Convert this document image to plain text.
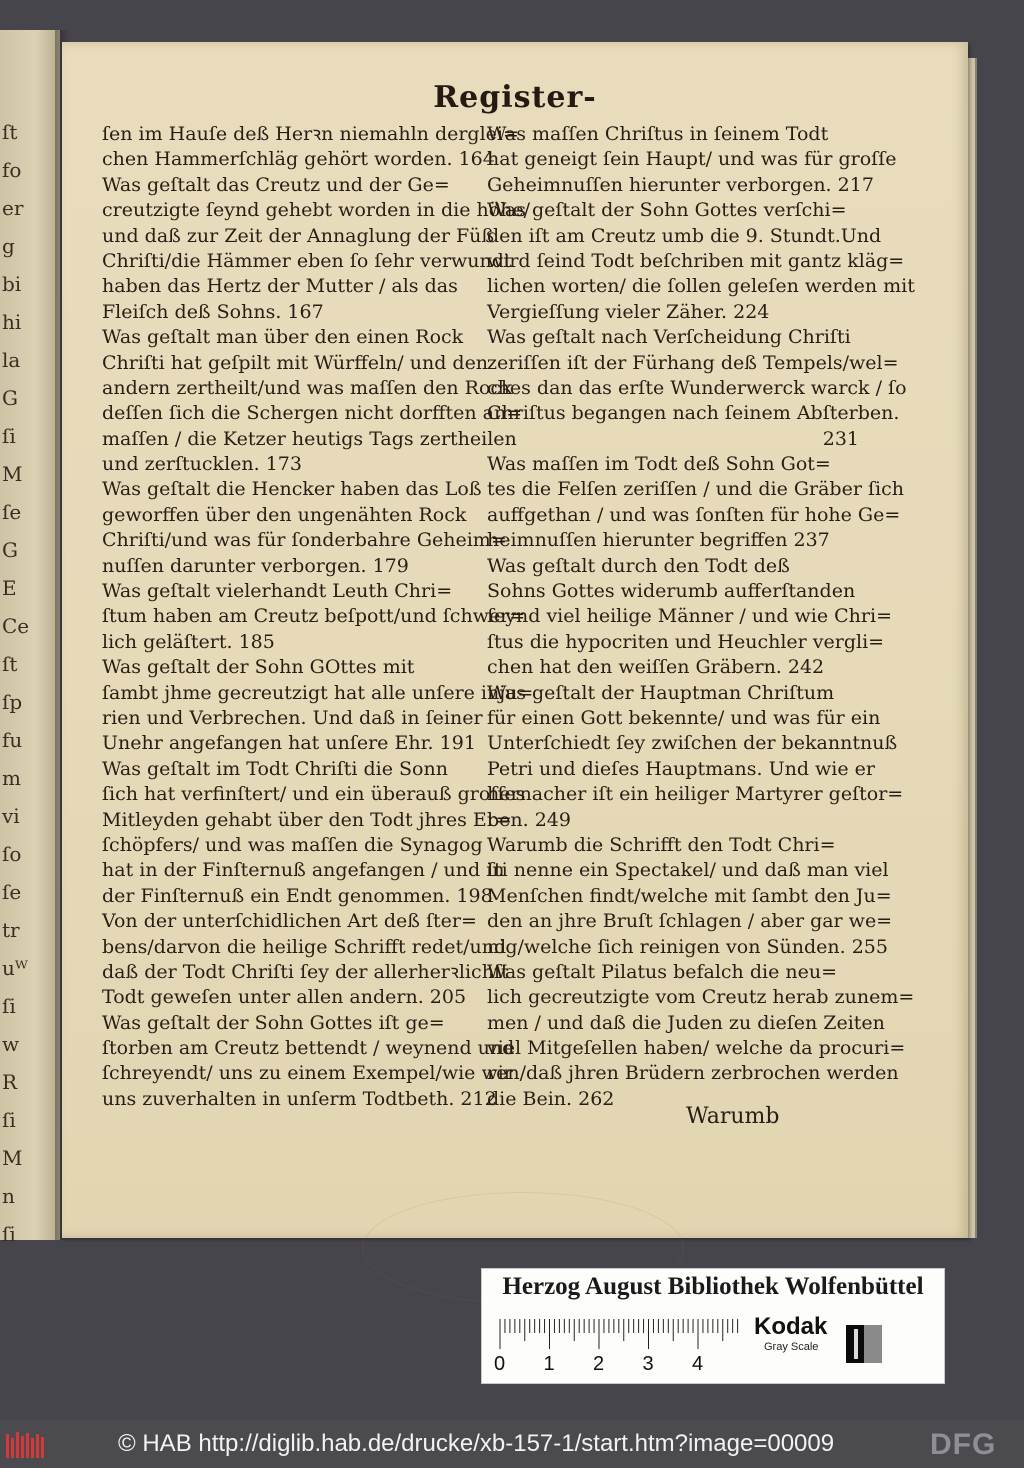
ſt
fo
er
g
bi
hi
la
G
ſi
M
ſe
G
E
Ce
ſt
ſp
fu
m
vi
ſo
ſe
tr
uᵂ
ſi
w
R
ſi
M
n
ſi
Register-
ſen im Hauſe deß Herꝛn niemahln derglei=
chen Hammerſchläg gehört worden. 164
Was geſtalt das Creutz und der Ge=
creutzigte ſeynd gehebt worden in die höhe/
und daß zur Zeit der Annaglung der Füß
Chriſti/die Hämmer eben ſo ſehr verwundt
haben das Hertz der Mutter / als das
Fleiſch deß Sohns. 167
Was geſtalt man über den einen Rock
Chriſti hat geſpilt mit Würffeln/ und den
andern zertheilt/und was maſſen den Rock
deſſen ſich die Schergen nicht dorfften an=
maſſen / die Ketzer heutigs Tags zertheilen
und zerſtucklen. 173
Was geſtalt die Hencker haben das Loß
geworffen über den ungenähten Rock
Chriſti/und was für ſonderbahre Geheim=
nuſſen darunter verborgen. 179
Was geſtalt vielerhandt Leuth Chri=
ſtum haben am Creutz beſpott/und ſchwer=
lich geläſtert. 185
Was geſtalt der Sohn GOttes mit
ſambt jhme gecreutzigt hat alle unſere inju=
rien und Verbrechen. Und daß in ſeiner
Unehr angefangen hat unſere Ehr. 191
Was geſtalt im Todt Chriſti die Sonn
ſich hat verfinſtert/ und ein überauß groſſes
Mitleyden gehabt über den Todt jhres Er=
ſchöpfers/ und was maſſen die Synagog
hat in der Finſternuß angefangen / und in
der Finſternuß ein Endt genommen. 198
Von der unterſchidlichen Art deß ſter=
bens/darvon die heilige Schrifft redet/und
daß der Todt Chriſti ſey der allerherꝛlichſt
Todt geweſen unter allen andern. 205
Was geſtalt der Sohn Gottes iſt ge=
ſtorben am Creutz bettendt / weynend und
ſchreyendt/ uns zu einem Exempel/wie wir
uns zuverhalten in unſerm Todtbeth. 212
Was maſſen Chriſtus in ſeinem Todt
hat geneigt ſein Haupt/ und was für groſſe
Geheimnuſſen hierunter verborgen. 217
Was geſtalt der Sohn Gottes verſchi=
den iſt am Creutz umb die 9. Stundt.Und
wird ſeind Todt beſchriben mit gantz kläg=
lichen worten/ die ſollen geleſen werden mit
Vergieſſung vieler Zäher. 224
Was geſtalt nach Verſcheidung Chriſti
zeriſſen iſt der Fürhang deß Tempels/wel=
ches dan das erſte Wunderwerck warck / ſo
Chriſtus begangen nach ſeinem Abſterben.
231
Was maſſen im Todt deß Sohn Got=
tes die Felſen zeriſſen / und die Gräber ſich
auffgethan / und was ſonſten für hohe Ge=
heimnuſſen hierunter begriffen 237
Was geſtalt durch den Todt deß
Sohns Gottes widerumb aufferſtanden
ſeynd viel heilige Männer / und wie Chri=
ſtus die hypocriten und Heuchler vergli=
chen hat den weiſſen Gräbern. 242
Was geſtalt der Hauptman Chriſtum
für einen Gott bekennte/ und was für ein
Unterſchiedt ſey zwiſchen der bekanntnuß
Petri und dieſes Hauptmans. Und wie er
hernacher iſt ein heiliger Martyrer geſtor=
ben. 249
Warumb die Schrifft den Todt Chri=
ſti nenne ein Spectakel/ und daß man viel
Menſchen findt/welche mit ſambt den Ju=
den an jhre Bruſt ſchlagen / aber gar we=
nig/welche ſich reinigen von Sünden. 255
Was geſtalt Pilatus befalch die neu=
lich gecreutzigte vom Creutz herab zunem=
men / und daß die Juden zu dieſen Zeiten
viel Mitgeſellen haben/ welche da procuri=
ren/daß jhren Brüdern zerbrochen werden
die Bein. 262
Warumb
Herzog August Bibliothek Wolfenbüttel
0 1 2 3 4
Kodak
Gray Scale
© HAB http://diglib.hab.de/drucke/xb-157-1/start.htm?image=00009	DFG
